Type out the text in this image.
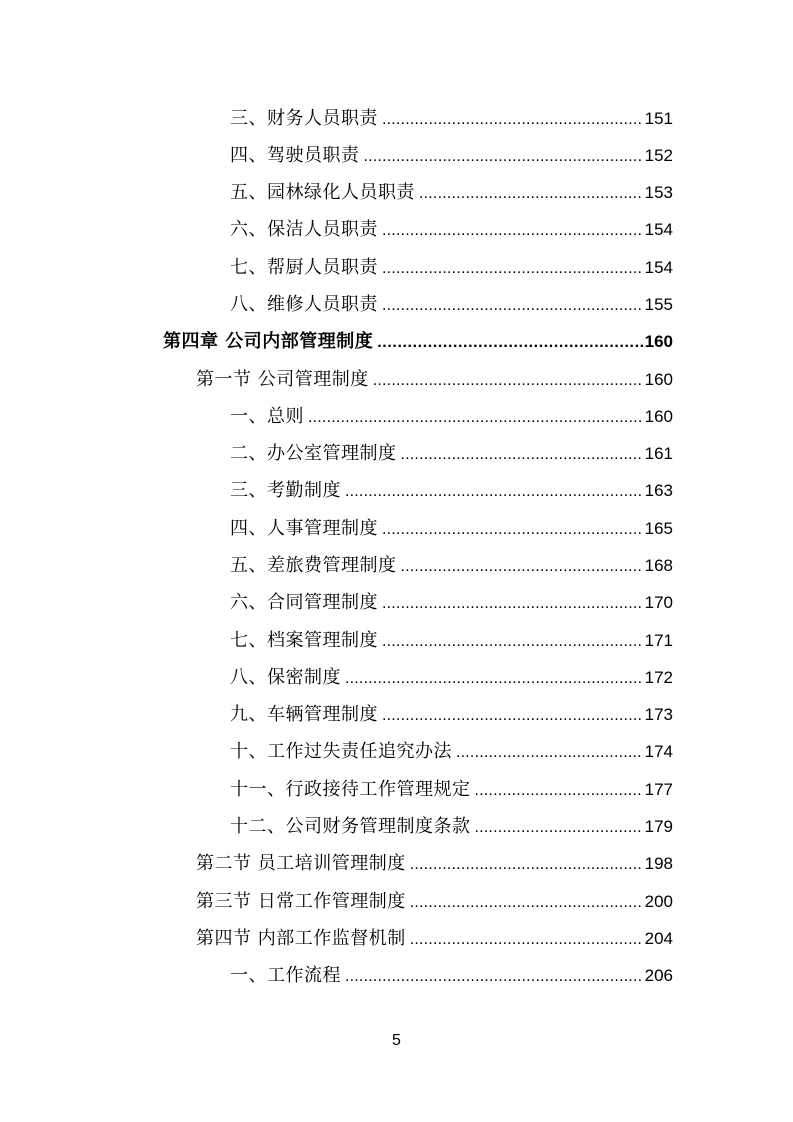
三、财务人员职责 .....	151
四、驾驶员职责 .....	152
五、园林绿化人员职责 .....	153
六、保洁人员职责 .....	154
七、帮厨人员职责 .....	154
八、维修人员职责 .....	155
第四章 公司内部管理制度 .....	160
第一节 公司管理制度 .....	160
一、总则 .....	160
二、办公室管理制度 .....	161
三、考勤制度 .....	163
四、人事管理制度 .....	165
五、差旅费管理制度 .....	168
六、合同管理制度 .....	170
七、档案管理制度 .....	171
八、保密制度 .....	172
九、车辆管理制度 .....	173
十、工作过失责任追究办法 .....	174
十一、行政接待工作管理规定 .....	177
十二、公司财务管理制度条款 .....	179
第二节 员工培训管理制度 .....	198
第三节 日常工作管理制度 .....	200
第四节 内部工作监督机制 .....	204
一、工作流程 .....	206
5
